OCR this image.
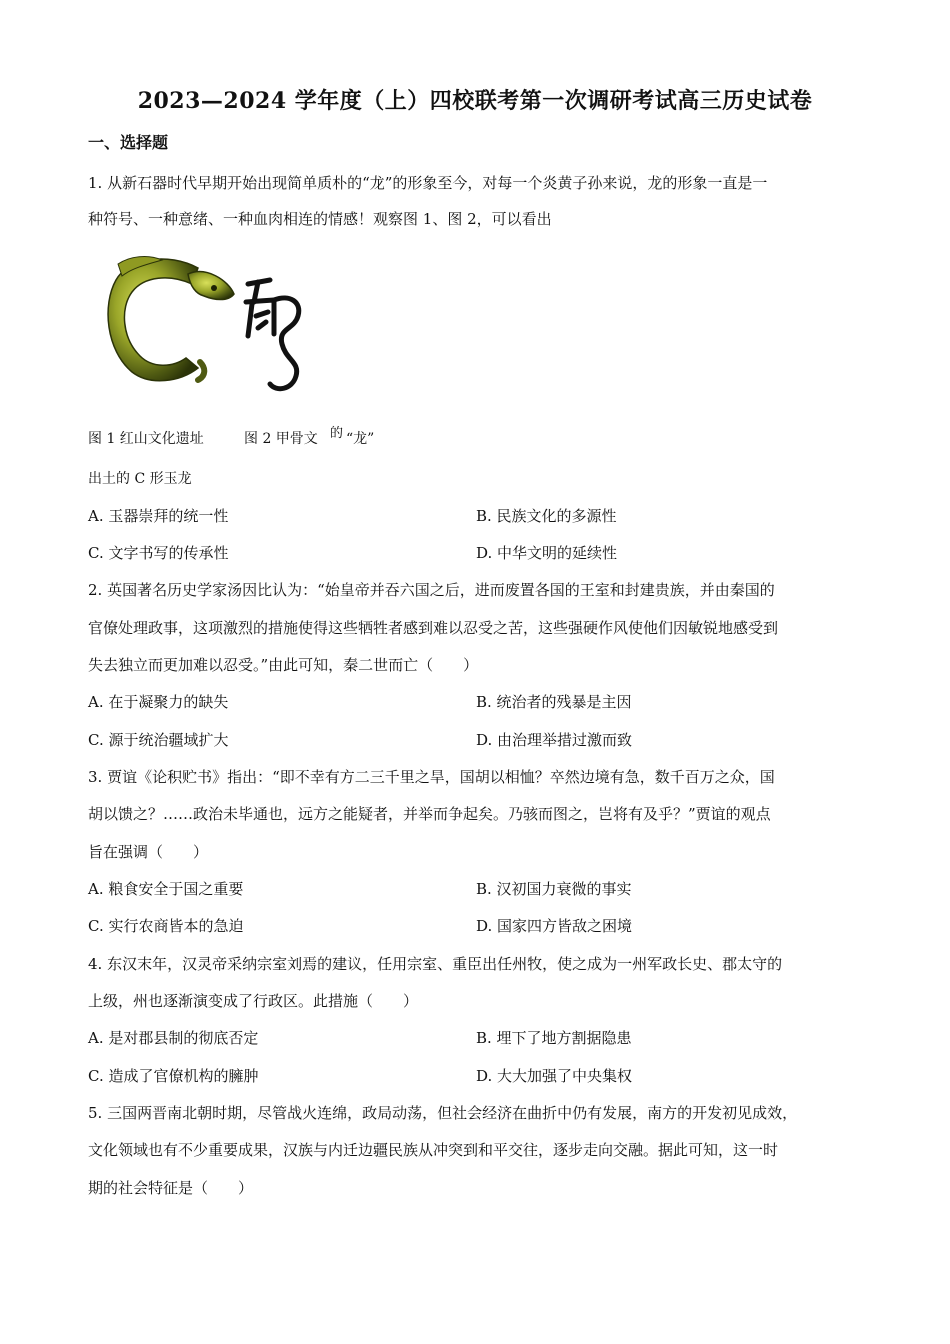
2023—2024 学年度（上）四校联考第一次调研考试高三历史试卷
一、选择题
1. 从新石器时代早期开始出现简单质朴的“龙”的形象至今，对每一个炎黄子孙来说，龙的形象一直是一
种符号、一种意绪、一种血肉相连的情感！观察图 1、图 2，可以看出
图 1 红山文化遗址	图 2 甲骨文 的 “龙”
出土的 C 形玉龙
A. 玉器崇拜的统一性	B. 民族文化的多源性
C. 文字书写的传承性	D. 中华文明的延续性
2. 英国著名历史学家汤因比认为：“始皇帝并吞六国之后，进而废置各国的王室和封建贵族，并由秦国的
官僚处理政事，这项激烈的措施使得这些牺牲者感到难以忍受之苦，这些强硬作风使他们因敏锐地感受到
失去独立而更加难以忍受。”由此可知，秦二世而亡（　　）
A. 在于凝聚力的缺失	B. 统治者的残暴是主因
C. 源于统治疆域扩大	D. 由治理举措过激而致
3. 贾谊《论积贮书》指出：“即不幸有方二三千里之旱，国胡以相恤？卒然边境有急，数千百万之众，国
胡以馈之？……政治未毕通也，远方之能疑者，并举而争起矣。乃骇而图之，岂将有及乎？”贾谊的观点
旨在强调（　　）
A. 粮食安全于国之重要	B. 汉初国力衰微的事实
C. 实行农商皆本的急迫	D. 国家四方皆敌之困境
4. 东汉末年，汉灵帝采纳宗室刘焉的建议，任用宗室、重臣出任州牧，使之成为一州军政长史、郡太守的
上级，州也逐渐演变成了行政区。此措施（　　）
A. 是对郡县制的彻底否定	B. 埋下了地方割据隐患
C. 造成了官僚机构的臃肿	D. 大大加强了中央集权
5. 三国两晋南北朝时期，尽管战火连绵，政局动荡，但社会经济在曲折中仍有发展，南方的开发初见成效，
文化领域也有不少重要成果，汉族与内迁边疆民族从冲突到和平交往，逐步走向交融。据此可知，这一时
期的社会特征是（　　）
